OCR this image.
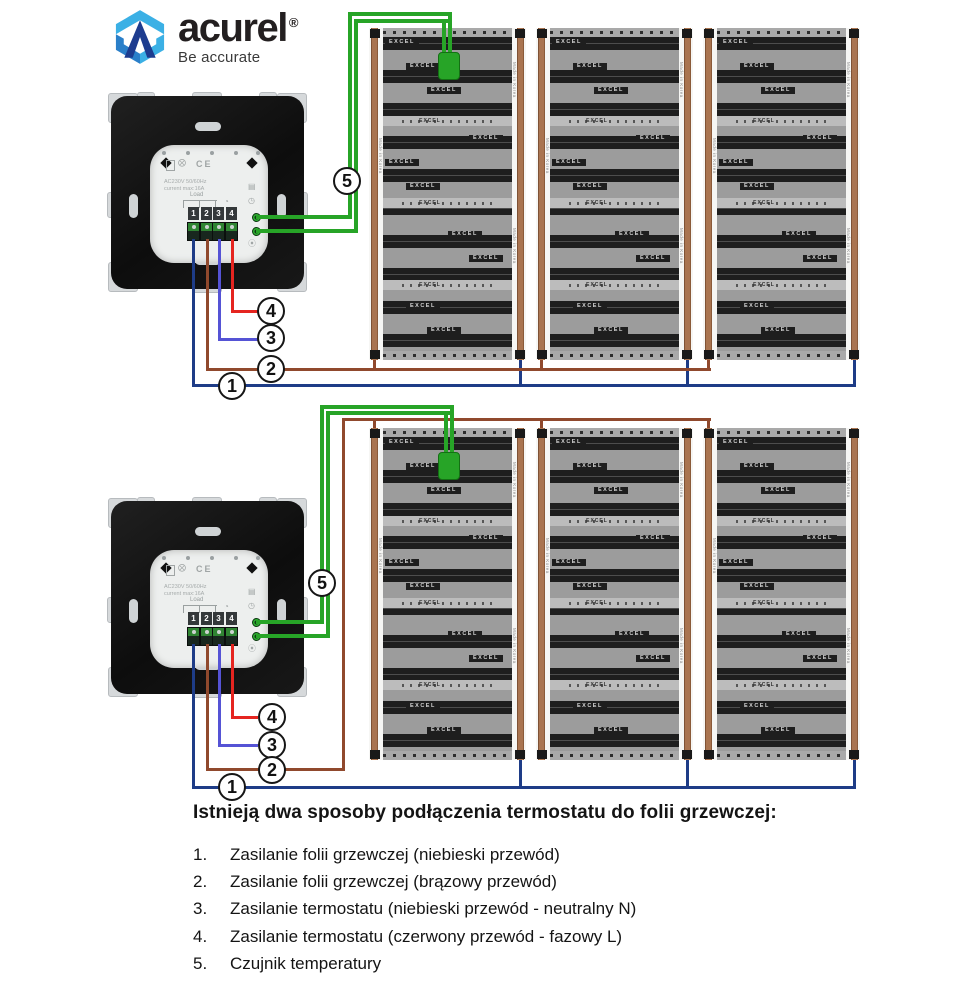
acurel ®
Be accurate
EXCEL
EXCEL
EXCEL
EXCEL
EXCEL
EXCEL
EXCEL
EXCEL
EXCEL
EXCEL
EXCEL
EXCEL
EXCEL
Made in Korea
Made in Korea
Made in Korea
EXCEL
EXCEL
EXCEL
EXCEL
EXCEL
EXCEL
EXCEL
EXCEL
EXCEL
EXCEL
EXCEL
EXCEL
EXCEL
Made in Korea
Made in Korea
Made in Korea
EXCEL
EXCEL
EXCEL
EXCEL
EXCEL
EXCEL
EXCEL
EXCEL
EXCEL
EXCEL
EXCEL
EXCEL
EXCEL
Made in Korea
Made in Korea
Made in Korea
⨂ CE
AC230V 50/60Hz
current max:16A
Load
◔
▤
◷
⦿
1	2 3	4
5
4
3
2
1
EXCEL
EXCEL
EXCEL
EXCEL
EXCEL
EXCEL
EXCEL
EXCEL
EXCEL
EXCEL
EXCEL
EXCEL
EXCEL
Made in Korea
Made in Korea
Made in Korea
EXCEL
EXCEL
EXCEL
EXCEL
EXCEL
EXCEL
EXCEL
EXCEL
EXCEL
EXCEL
EXCEL
EXCEL
EXCEL
Made in Korea
Made in Korea
Made in Korea
EXCEL
EXCEL
EXCEL
EXCEL
EXCEL
EXCEL
EXCEL
EXCEL
EXCEL
EXCEL
EXCEL
EXCEL
EXCEL
Made in Korea
Made in Korea
Made in Korea
⨂ CE
AC230V 50/60Hz
current max:16A
Load
◔
▤
◷
⦿
1	2 3	4
5
4
3
2
1
Istnieją dwa sposoby podłączenia termostatu do folii grzewczej:
1.	Zasilanie folii grzewczej (niebieski przewód)
2.	Zasilanie folii grzewczej (brązowy przewód)
3.	Zasilanie termostatu (niebieski przewód - neutralny N)
4.	Zasilanie termostatu (czerwony przewód - fazowy L)
5.	Czujnik temperatury
